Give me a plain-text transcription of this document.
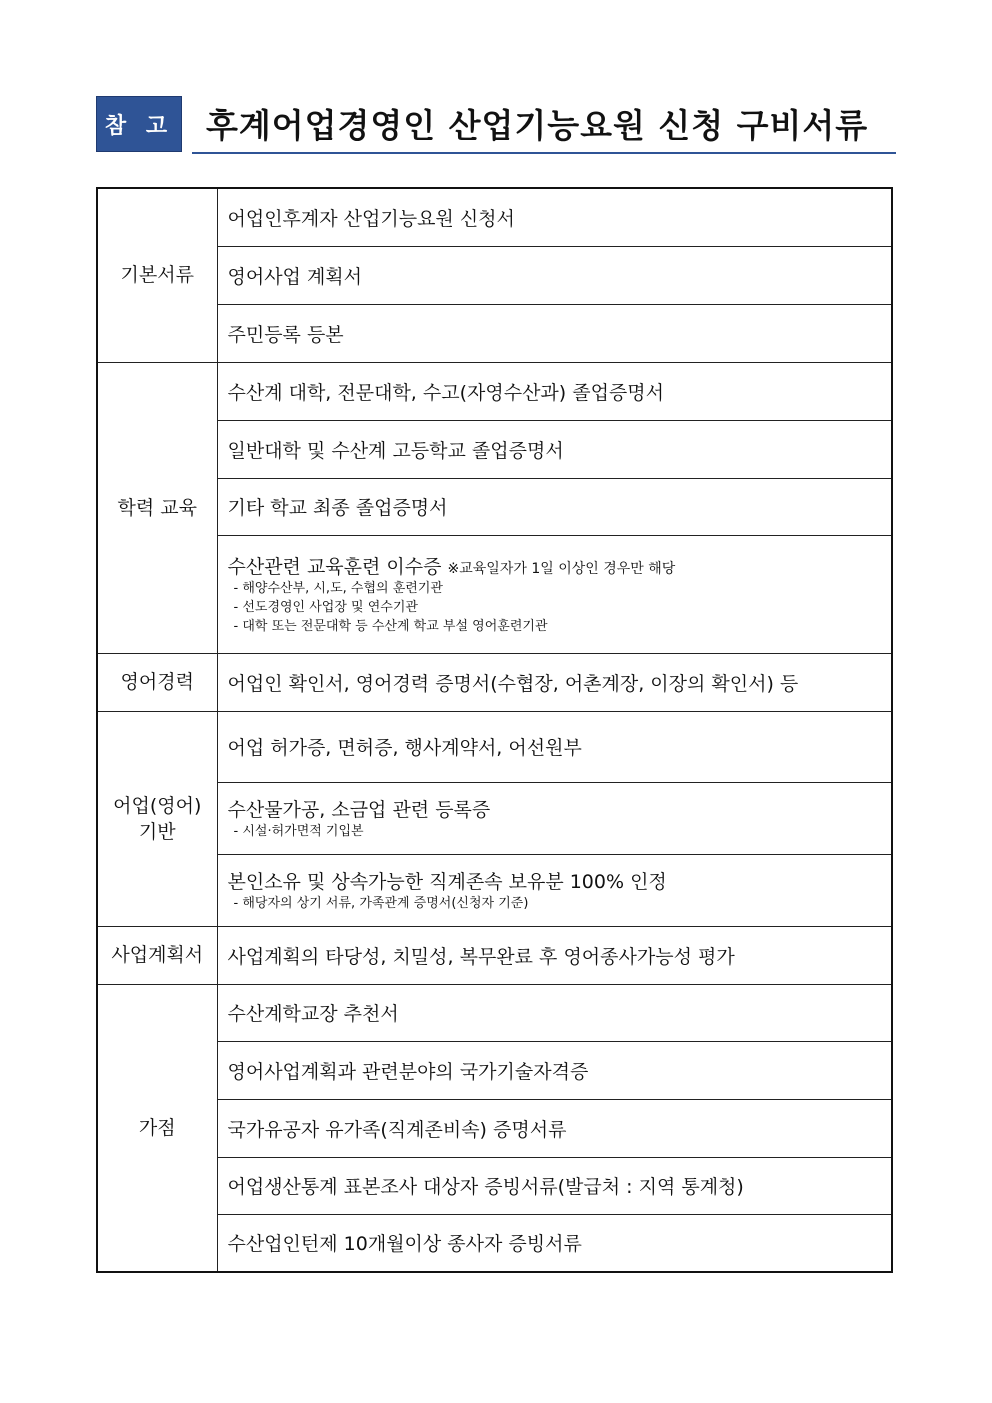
참 고 후계어업경영인 산업기능요원 신청 구비서류
기본서류	어업인후계자 산업기능요원 신청서

	영어사업 계획서

	주민등록 등본

학력 교육	수산계 대학, 전문대학, 수고(자영수산과) 졸업증명서

	일반대학 및 수산계 고등학교 졸업증명서

	기타 학교 최종 졸업증명서

	수산관련 교육훈련 이수증 ※교육일자가 1일 이상인 경우만 해당
- 해양수산부, 시,도, 수협의 훈련기관
- 선도경영인 사업장 및 연수기관
- 대학 또는 전문대학 등 수산계 학교 부설 영어훈련기관

영어경력	어업인 확인서, 영어경력 증명서(수협장, 어촌계장, 이장의 확인서) 등

어업(영어)
기반	어업 허가증, 면허증, 행사계약서, 어선원부

	수산물가공, 소금업 관련 등록증
- 시설·허가면적 기입본

	본인소유 및 상속가능한 직계존속 보유분 100% 인정
- 해당자의 상기 서류, 가족관계 증명서(신청자 기준)

사업계획서	사업계획의 타당성, 치밀성, 복무완료 후 영어종사가능성 평가

가점	수산계학교장 추천서

	영어사업계획과 관련분야의 국가기술자격증

	국가유공자 유가족(직계존비속) 증명서류

	어업생산통계 표본조사 대상자 증빙서류(발급처 : 지역 통계청)

	수산업인턴제 10개월이상 종사자 증빙서류
